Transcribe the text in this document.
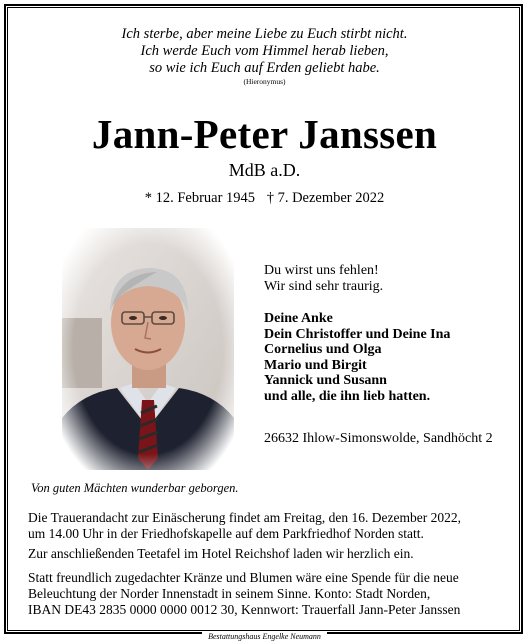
Ich sterbe, aber meine Liebe zu Euch stirbt nicht.
Ich werde Euch vom Himmel herab lieben,
so wie ich Euch auf Erden geliebt habe.
(Hieronymus)
Jann-Peter Janssen
MdB a.D.
* 12. Februar 1945 † 7. Dezember 2022
Du wirst uns fehlen!
Wir sind sehr traurig.
Deine Anke
Dein Christoffer und Deine Ina
Cornelius und Olga
Mario und Birgit
Yannick und Susann
und alle, die ihn lieb hatten.
26632 Ihlow-Simonswolde, Sandhöcht 2
Von guten Mächten wunderbar geborgen.
Die Trauerandacht zur Einäscherung findet am Freitag, den 16. Dezember 2022,
um 14.00 Uhr in der Friedhofskapelle auf dem Parkfriedhof Norden statt.
Zur anschließenden Teetafel im Hotel Reichshof laden wir herzlich ein.
Statt freundlich zugedachter Kränze und Blumen wäre eine Spende für die neue
Beleuchtung der Norder Innenstadt in seinem Sinne. Konto: Stadt Norden,
IBAN DE43 2835 0000 0000 0012 30, Kennwort: Trauerfall Jann-Peter Janssen
Bestattungshaus Engelke Neumann
